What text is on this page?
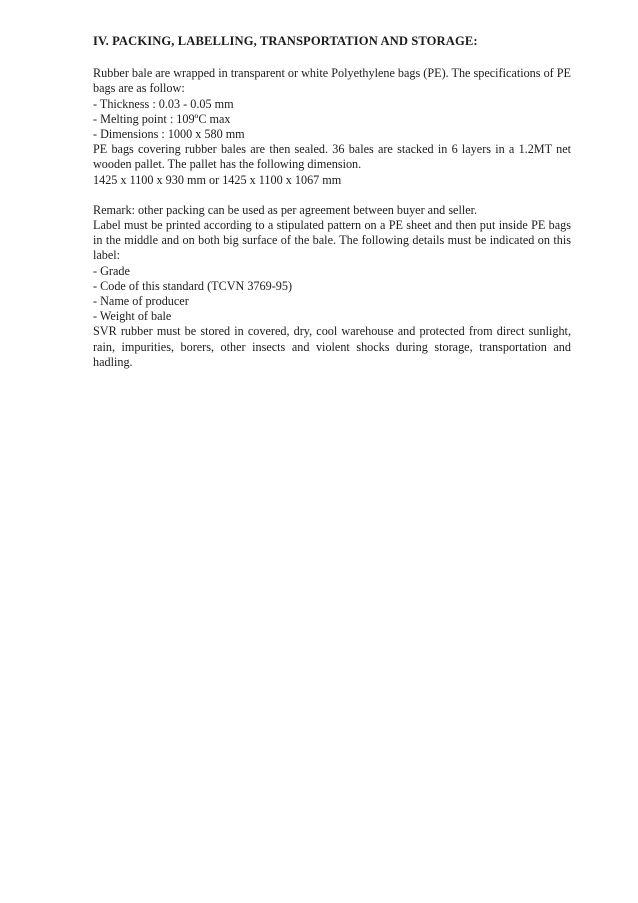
IV. PACKING, LABELLING, TRANSPORTATION AND STORAGE:

Rubber bale are wrapped in transparent or white Polyethylene bags (PE). The specifications of PE bags are as follow:

- Thickness : 0.03 - 0.05 mm

- Melting point : 109ºC max

- Dimensions : 1000 x 580 mm

PE bags covering rubber bales are then sealed. 36 bales are stacked in 6 layers in a 1.2MT net wooden pallet. The pallet has the following dimension.

1425 x 1100 x 930 mm or 1425 x 1100 x 1067 mm

Remark: other packing can be used as per agreement between buyer and seller.

Label must be printed according to a stipulated pattern on a PE sheet and then put inside PE bags in the middle and on both big surface of the bale. The following details must be indicated on this label:

- Grade

- Code of this standard (TCVN 3769-95)

- Name of producer

- Weight of bale

SVR rubber must be stored in covered, dry, cool warehouse and protected from direct sunlight, rain, impurities, borers, other insects and violent shocks during storage, transportation and hadling.
